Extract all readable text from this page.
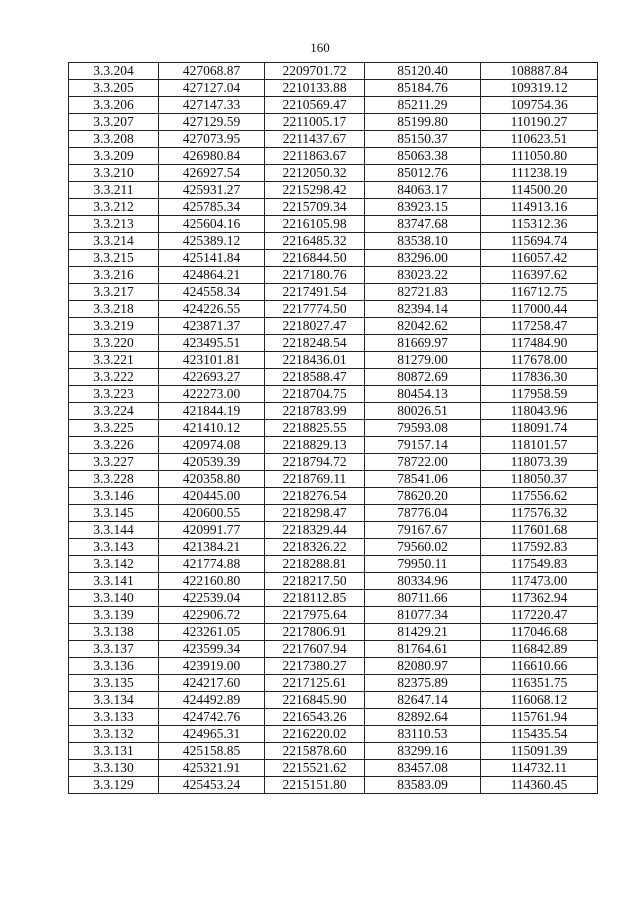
160
3.3.204	427068.87	2209701.72	85120.40	108887.84
3.3.205	427127.04	2210133.88	85184.76	109319.12
3.3.206	427147.33	2210569.47	85211.29	109754.36
3.3.207	427129.59	2211005.17	85199.80	110190.27
3.3.208	427073.95	2211437.67	85150.37	110623.51
3.3.209	426980.84	2211863.67	85063.38	111050.80
3.3.210	426927.54	2212050.32	85012.76	111238.19
3.3.211	425931.27	2215298.42	84063.17	114500.20
3.3.212	425785.34	2215709.34	83923.15	114913.16
3.3.213	425604.16	2216105.98	83747.68	115312.36
3.3.214	425389.12	2216485.32	83538.10	115694.74
3.3.215	425141.84	2216844.50	83296.00	116057.42
3.3.216	424864.21	2217180.76	83023.22	116397.62
3.3.217	424558.34	2217491.54	82721.83	116712.75
3.3.218	424226.55	2217774.50	82394.14	117000.44
3.3.219	423871.37	2218027.47	82042.62	117258.47
3.3.220	423495.51	2218248.54	81669.97	117484.90
3.3.221	423101.81	2218436.01	81279.00	117678.00
3.3.222	422693.27	2218588.47	80872.69	117836.30
3.3.223	422273.00	2218704.75	80454.13	117958.59
3.3.224	421844.19	2218783.99	80026.51	118043.96
3.3.225	421410.12	2218825.55	79593.08	118091.74
3.3.226	420974.08	2218829.13	79157.14	118101.57
3.3.227	420539.39	2218794.72	78722.00	118073.39
3.3.228	420358.80	2218769.11	78541.06	118050.37
3.3.146	420445.00	2218276.54	78620.20	117556.62
3.3.145	420600.55	2218298.47	78776.04	117576.32
3.3.144	420991.77	2218329.44	79167.67	117601.68
3.3.143	421384.21	2218326.22	79560.02	117592.83
3.3.142	421774.88	2218288.81	79950.11	117549.83
3.3.141	422160.80	2218217.50	80334.96	117473.00
3.3.140	422539.04	2218112.85	80711.66	117362.94
3.3.139	422906.72	2217975.64	81077.34	117220.47
3.3.138	423261.05	2217806.91	81429.21	117046.68
3.3.137	423599.34	2217607.94	81764.61	116842.89
3.3.136	423919.00	2217380.27	82080.97	116610.66
3.3.135	424217.60	2217125.61	82375.89	116351.75
3.3.134	424492.89	2216845.90	82647.14	116068.12
3.3.133	424742.76	2216543.26	82892.64	115761.94
3.3.132	424965.31	2216220.02	83110.53	115435.54
3.3.131	425158.85	2215878.60	83299.16	115091.39
3.3.130	425321.91	2215521.62	83457.08	114732.11
3.3.129	425453.24	2215151.80	83583.09	114360.45
